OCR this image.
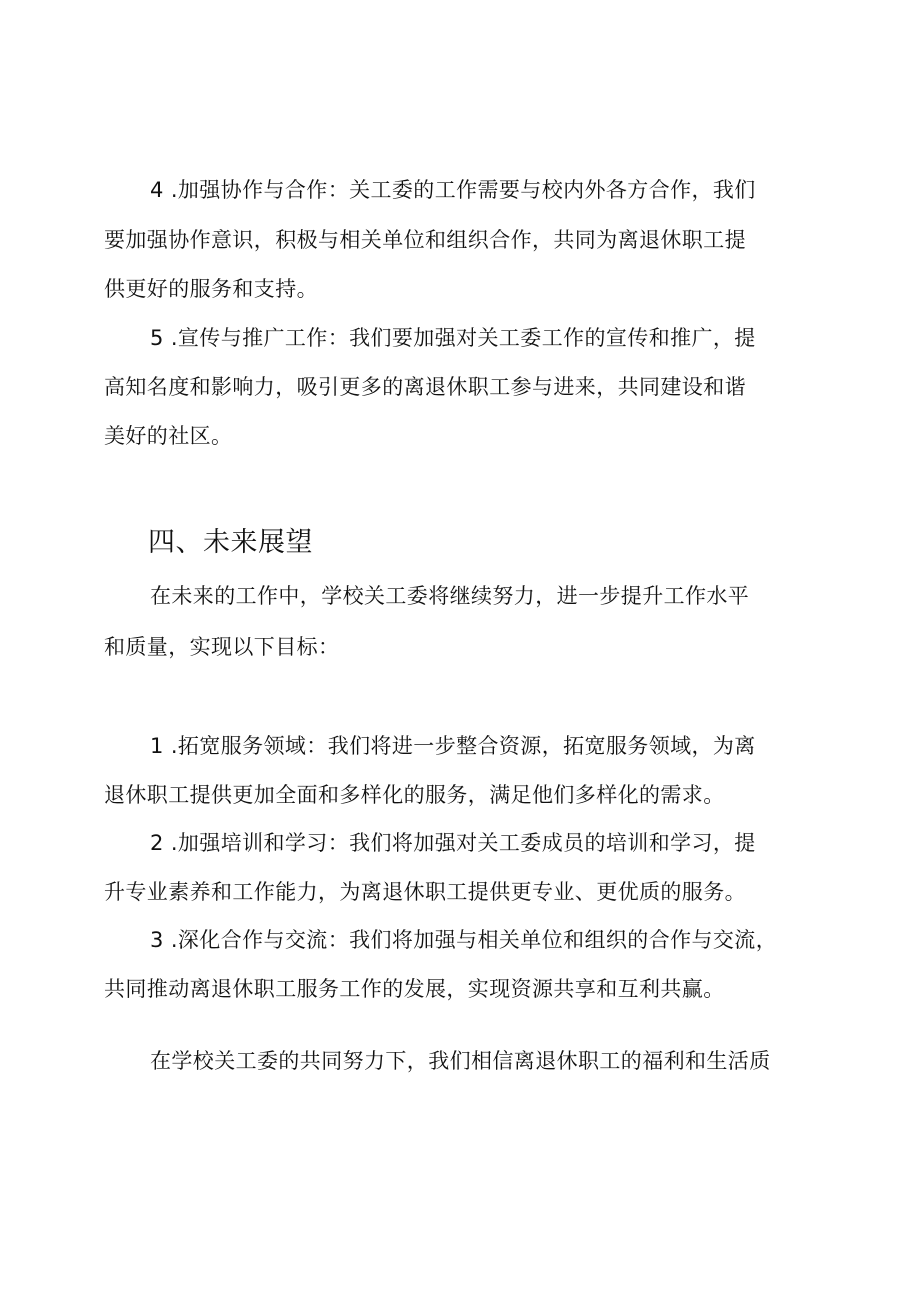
4 .加强协作与合作：关工委的工作需要与校内外各方合作，我们
要加强协作意识，积极与相关单位和组织合作，共同为离退休职工提
供更好的服务和支持。
5 .宣传与推广工作：我们要加强对关工委工作的宣传和推广，提
高知名度和影响力，吸引更多的离退休职工参与进来，共同建设和谐
美好的社区。
四、未来展望
在未来的工作中，学校关工委将继续努力，进一步提升工作水平
和质量，实现以下目标：
1 .拓宽服务领域：我们将进一步整合资源，拓宽服务领域，为离
退休职工提供更加全面和多样化的服务，满足他们多样化的需求。
2 .加强培训和学习：我们将加强对关工委成员的培训和学习，提
升专业素养和工作能力，为离退休职工提供更专业、更优质的服务。
3 .深化合作与交流：我们将加强与相关单位和组织的合作与交流，
共同推动离退休职工服务工作的发展，实现资源共享和互利共赢。
在学校关工委的共同努力下，我们相信离退休职工的福利和生活质
